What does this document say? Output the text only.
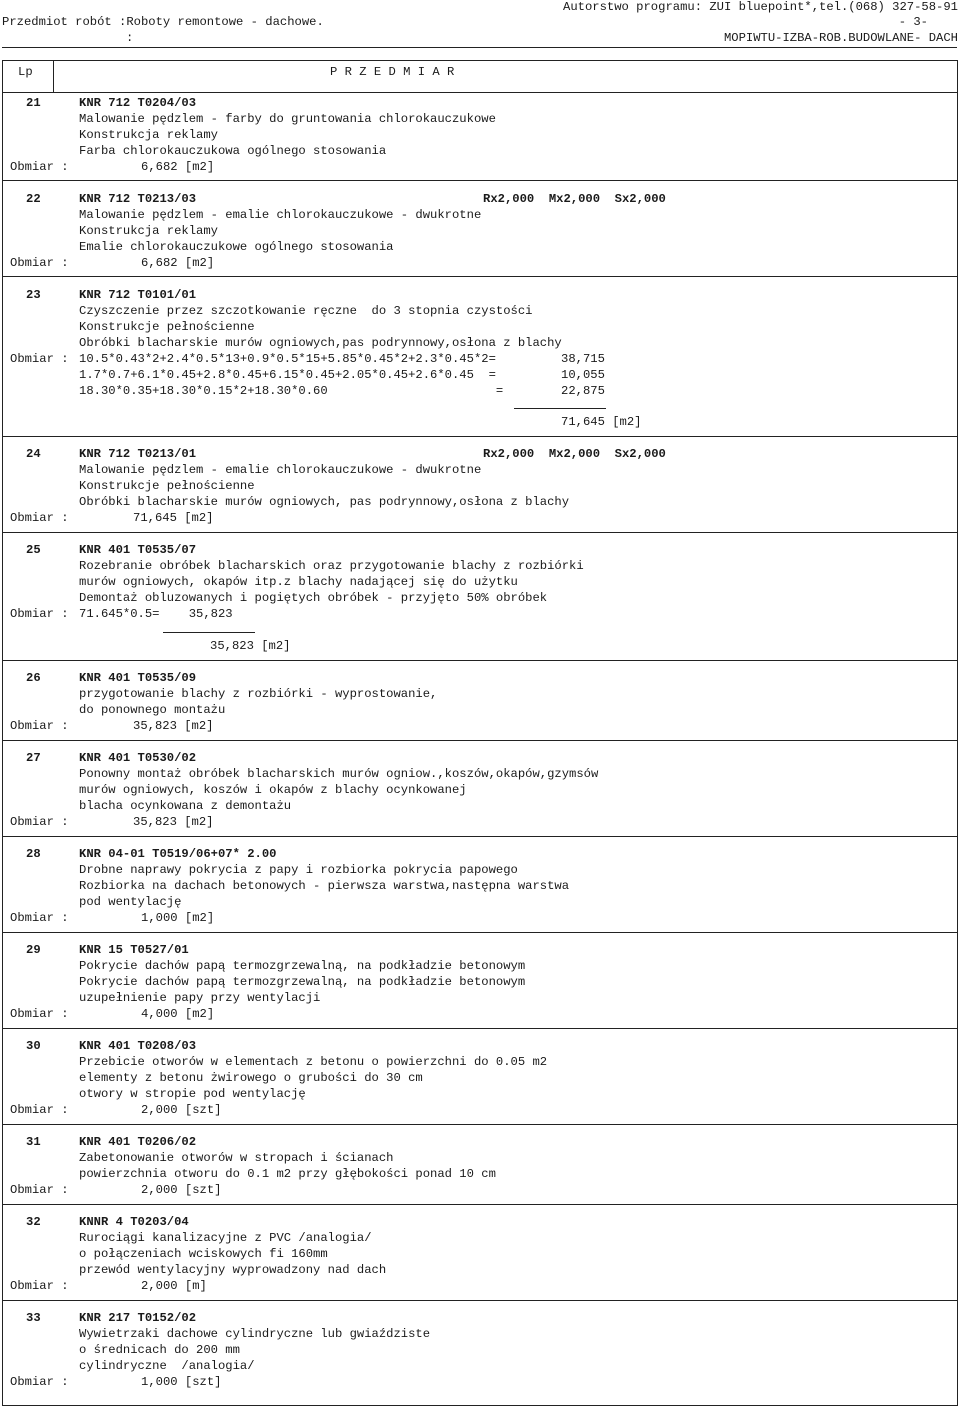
Przedmiot robót :Roboty remontowe - dachowe.
:
Autorstwo programu: ZUI bluepoint*,tel.(068) 327-58-91
- 3-
MOPIWTU-IZBA-ROB.BUDOWLANE- DACH
Lp	P R Z E D M I A R
21	KNR 712 T0204/03
Malowanie pędzlem - farby do gruntowania chlorokauczukowe
Konstrukcja reklamy
Farba chlorokauczukowa ogólnego stosowania
Obmiar :	6,682 [m2]
22	KNR 712 T0213/03	Rx2,000  Mx2,000  Sx2,000
Malowanie pędzlem - emalie chlorokauczukowe - dwukrotne
Konstrukcja reklamy
Emalie chlorokauczukowe ogólnego stosowania
Obmiar :	6,682 [m2]
23	KNR 712 T0101/01
Czyszczenie przez szczotkowanie ręczne  do 3 stopnia czystości
Konstrukcje pełnościenne
Obróbki blacharskie murów ogniowych,pas podrynnowy,osłona z blachy
Obmiar : 10.5*0.43*2+2.4*0.5*13+0.9*0.5*15+5.85*0.45*2+2.3*0.45*2=	38,715
1.7*0.7+6.1*0.45+2.8*0.45+6.15*0.45+2.05*0.45+2.6*0.45  =	10,055
18.30*0.35+18.30*0.15*2+18.30*0.60                       =	22,875
71,645 [m2]
24	KNR 712 T0213/01	Rx2,000  Mx2,000  Sx2,000
Malowanie pędzlem - emalie chlorokauczukowe - dwukrotne
Konstrukcje pełnościenne
Obróbki blacharskie murów ogniowych, pas podrynnowy,osłona z blachy
Obmiar :	71,645 [m2]
25	KNR 401 T0535/07
Rozebranie obróbek blacharskich oraz przygotowanie blachy z rozbiórki
murów ogniowych, okapów itp.z blachy nadającej się do użytku
Demontaż obluzowanych i pogiętych obróbek - przyjęto 50% obróbek
Obmiar : 71.645*0.5=    35,823
35,823 [m2]
26	KNR 401 T0535/09
przygotowanie blachy z rozbiórki - wyprostowanie,
do ponownego montażu
Obmiar :	35,823 [m2]
27	KNR 401 T0530/02
Ponowny montaż obróbek blacharskich murów ogniow.,koszów,okapów,gzymsów
murów ogniowych, koszów i okapów z blachy ocynkowanej
blacha ocynkowana z demontażu
Obmiar :	35,823 [m2]
28	KNR 04-01 T0519/06+07* 2.00
Drobne naprawy pokrycia z papy i rozbiorka pokrycia papowego
Rozbiorka na dachach betonowych - pierwsza warstwa,następna warstwa
pod wentylację
Obmiar :	1,000 [m2]
29	KNR 15 T0527/01
Pokrycie dachów papą termozgrzewalną, na podkładzie betonowym
Pokrycie dachów papą termozgrzewalną, na podkładzie betonowym
uzupełnienie papy przy wentylacji
Obmiar :	4,000 [m2]
30	KNR 401 T0208/03
Przebicie otworów w elementach z betonu o powierzchni do 0.05 m2
elementy z betonu żwirowego o grubości do 30 cm
otwory w stropie pod wentylację
Obmiar :	2,000 [szt]
31	KNR 401 T0206/02
Zabetonowanie otworów w stropach i ścianach
powierzchnia otworu do 0.1 m2 przy głębokości ponad 10 cm
Obmiar :	2,000 [szt]
32	KNNR 4 T0203/04
Rurociągi kanalizacyjne z PVC /analogia/
o połączeniach wciskowych fi 160mm
przewód wentylacyjny wyprowadzony nad dach
Obmiar :	2,000 [m]
33	KNR 217 T0152/02
Wywietrzaki dachowe cylindryczne lub gwiaździste
o średnicach do 200 mm
cylindryczne  /analogia/
Obmiar :	1,000 [szt]
